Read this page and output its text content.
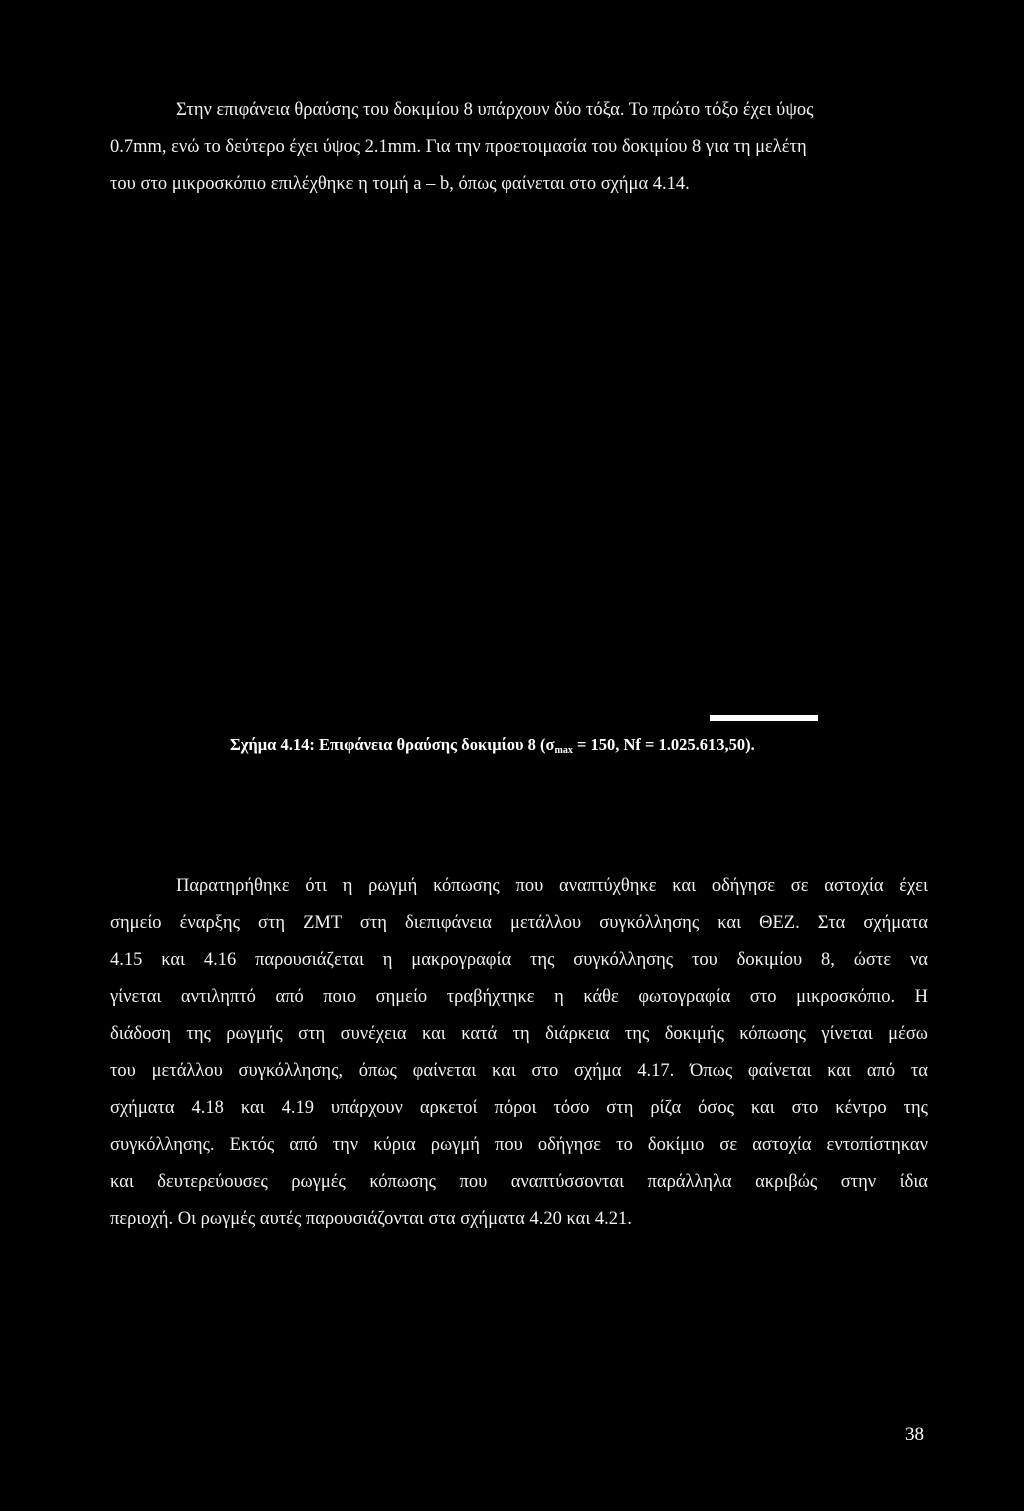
Στην επιφάνεια θραύσης του δοκιμίου 8 υπάρχουν δύο τόξα. Το πρώτο τόξο έχει ύψος
0.7mm, ενώ το δεύτερο έχει ύψος 2.1mm. Για την προετοιμασία του δοκιμίου 8 για τη μελέτη
του στο μικροσκόπιο επιλέχθηκε η τομή a – b, όπως φαίνεται στο σχήμα 4.14.
Σχήμα 4.14: Επιφάνεια θραύσης δοκιμίου 8 ($\sigma_{max} = 150$, Nf = 1.025.613,50).
Παρατηρήθηκε ότι η ρωγμή κόπωσης που αναπτύχθηκε και οδήγησε σε αστοχία έχει
σημείο έναρξης στη ΖΜΤ στη διεπιφάνεια μετάλλου συγκόλλησης και ΘΕΖ. Στα σχήματα
4.15 και 4.16 παρουσιάζεται η μακρογραφία της συγκόλλησης του δοκιμίου 8, ώστε να
γίνεται αντιληπτό από ποιο σημείο τραβήχτηκε η κάθε φωτογραφία στο μικροσκόπιο. Η
διάδοση της ρωγμής στη συνέχεια και κατά τη διάρκεια της δοκιμής κόπωσης γίνεται μέσω
του μετάλλου συγκόλλησης, όπως φαίνεται και στο σχήμα 4.17. Όπως φαίνεται και από τα
σχήματα 4.18 και 4.19 υπάρχουν αρκετοί πόροι τόσο στη ρίζα όσος και στο κέντρο της
συγκόλλησης. Εκτός από την κύρια ρωγμή που οδήγησε το δοκίμιο σε αστοχία εντοπίστηκαν
και δευτερεύουσες ρωγμές κόπωσης που αναπτύσσονται παράλληλα ακριβώς στην ίδια
περιοχή. Οι ρωγμές αυτές παρουσιάζονται στα σχήματα 4.20 και 4.21.
38
